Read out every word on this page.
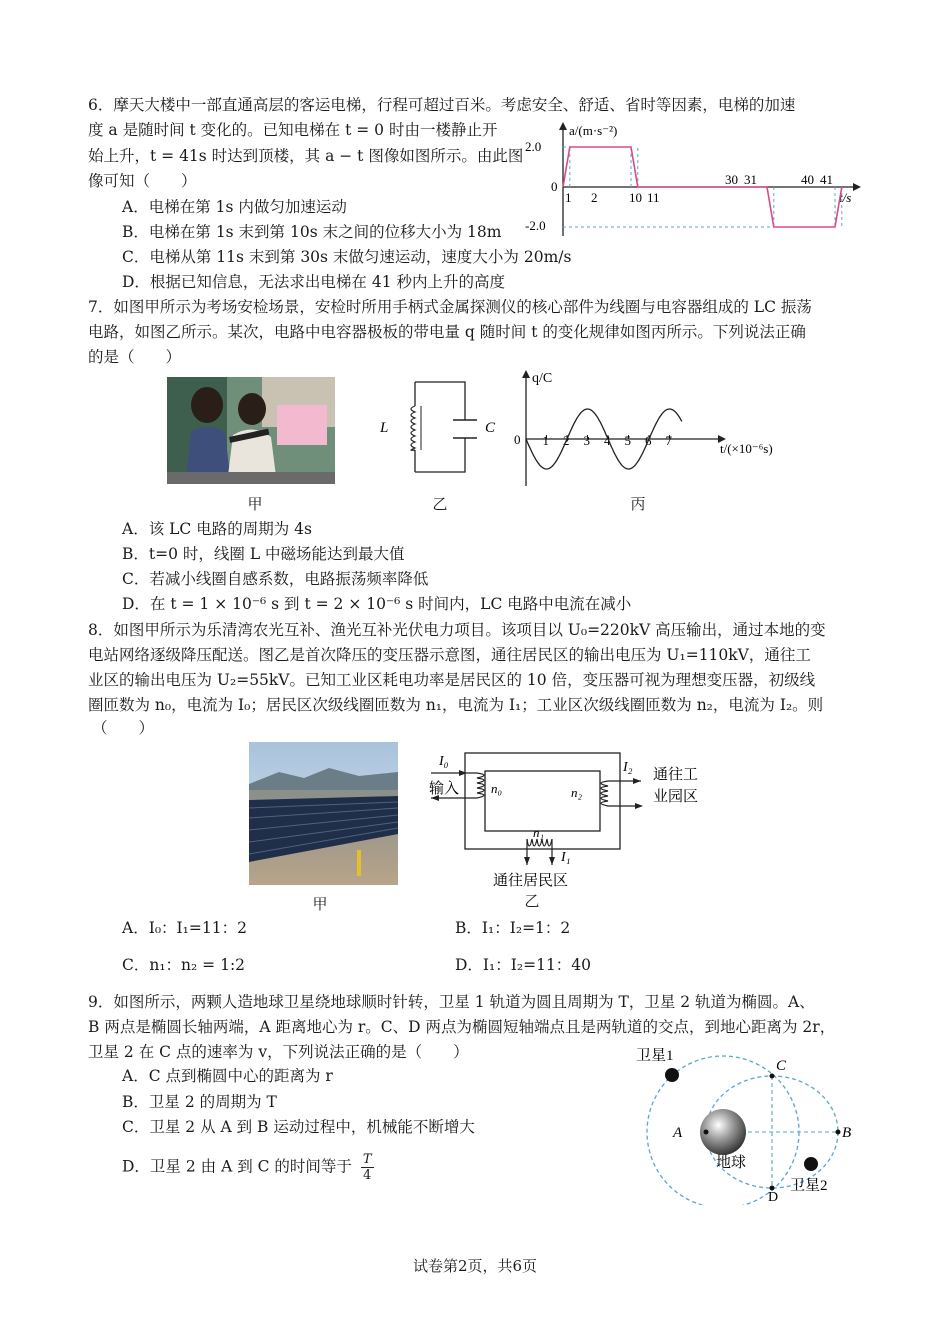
6．摩天大楼中一部直通高层的客运电梯，行程可超过百米。考虑安全、舒适、省时等因素，电梯的加速
度 a 是随时间 t 变化的。已知电梯在 t = 0 时由一楼静止开
始上升，t = 41s 时达到顶楼，其 a − t 图像如图所示。由此图
像可知（　　）
A．电梯在第 1s 内做匀加速运动
B．电梯在第 1s 末到第 10s 末之间的位移大小为 18m
C．电梯从第 11s 末到第 30s 末做匀速运动，速度大小为 20m/s
D．根据已知信息，无法求出电梯在 41 秒内上升的高度
a/(m·s⁻²)
t/s
2.0
0
-2.0
1 2 10 11
30 31	40 41
7．如图甲所示为考场安检场景，安检时所用手柄式金属探测仪的核心部件为线圈与电容器组成的 LC 振荡
电路，如图乙所示。某次，电路中电容器极板的带电量 q 随时间 t 的变化规律如图丙所示。下列说法正确
的是（　　）
L	C
q/C
t/(×10⁻⁶s)
0 1 2 3 4 5 6 7
甲	乙	丙
A．该 LC 电路的周期为 4s
B．t=0 时，线圈 L 中磁场能达到最大值
C．若减小线圈自感系数，电路振荡频率降低
D．在 t = 1 × 10⁻⁶ s 到 t = 2 × 10⁻⁶ s 时间内，LC 电路中电流在减小
8．如图甲所示为乐清湾农光互补、渔光互补光伏电力项目。该项目以 U₀=220kV 高压输出，通过本地的变
电站网络逐级降压配送。图乙是首次降压的变压器示意图，通往居民区的输出电压为 U₁=110kV，通往工
业区的输出电压为 U₂=55kV。已知工业区耗电功率是居民区的 10 倍，变压器可视为理想变压器，初级线
圈匝数为 n₀，电流为 I₀；居民区次级线圈匝数为 n₁，电流为 I₁；工业区次级线圈匝数为 n₂，电流为 I₂。则
（　　）
I₀
输入 n₀	n₂
n₁
I₂
I₁
通往工
业园区
通往居民区
甲	乙
A．I₀：I₁=11：2	B．I₁：I₂=1：2
C．n₁：n₂ = 1:2	D．I₁：I₂=11：40
9．如图所示，两颗人造地球卫星绕地球顺时针转，卫星 1 轨道为圆且周期为 T，卫星 2 轨道为椭圆。A、
B 两点是椭圆长轴两端，A 距离地心为 r。C、D 两点为椭圆短轴端点且是两轨道的交点，到地心距离为 2r，
卫星 2 在 C 点的速率为 v，下列说法正确的是（　　）
A．C 点到椭圆中心的距离为 r
B．卫星 2 的周期为 T
C．卫星 2 从 A 到 B 运动过程中，机械能不断增大
D．卫星 2 由 A 到 C 的时间等于 $\frac{T}{4}$
卫星1
C
A	B
地球
D
卫星2
试卷第2页，共6页
